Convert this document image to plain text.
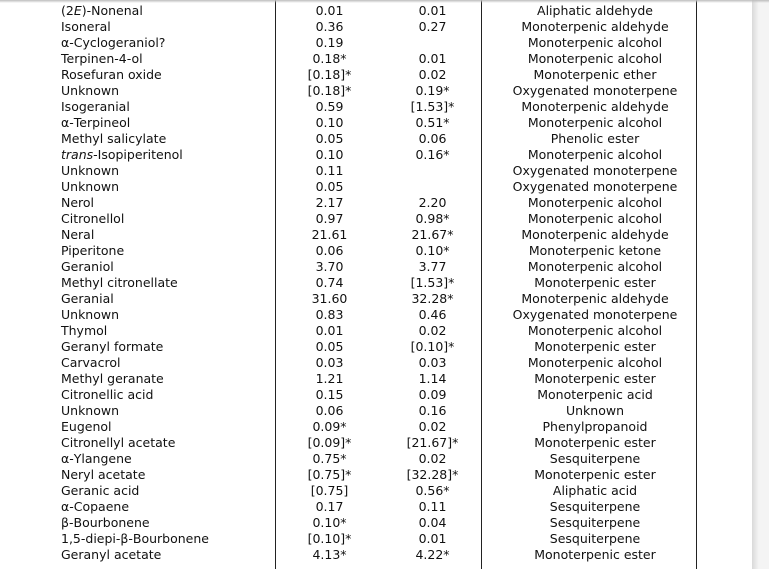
(2E)-Nonenal	0.01	0.01	Aliphatic aldehyde
Isoneral	0.36	0.27	Monoterpenic aldehyde
α-Cyclogeraniol?	0.19		Monoterpenic alcohol
Terpinen-4-ol	0.18*	0.01	Monoterpenic alcohol
Rosefuran oxide	[0.18]*	0.02	Monoterpenic ether
Unknown	[0.18]*	0.19*	Oxygenated monoterpene
Isogeranial	0.59	[1.53]*	Monoterpenic aldehyde
α-Terpineol	0.10	0.51*	Monoterpenic alcohol
Methyl salicylate	0.05	0.06	Phenolic ester
trans-Isopiperitenol	0.10	0.16*	Monoterpenic alcohol
Unknown	0.11		Oxygenated monoterpene
Unknown	0.05		Oxygenated monoterpene
Nerol	2.17	2.20	Monoterpenic alcohol
Citronellol	0.97	0.98*	Monoterpenic alcohol
Neral	21.61	21.67*	Monoterpenic aldehyde
Piperitone	0.06	0.10*	Monoterpenic ketone
Geraniol	3.70	3.77	Monoterpenic alcohol
Methyl citronellate	0.74	[1.53]*	Monoterpenic ester
Geranial	31.60	32.28*	Monoterpenic aldehyde
Unknown	0.83	0.46	Oxygenated monoterpene
Thymol	0.01	0.02	Monoterpenic alcohol
Geranyl formate	0.05	[0.10]*	Monoterpenic ester
Carvacrol	0.03	0.03	Monoterpenic alcohol
Methyl geranate	1.21	1.14	Monoterpenic ester
Citronellic acid	0.15	0.09	Monoterpenic acid
Unknown	0.06	0.16	Unknown
Eugenol	0.09*	0.02	Phenylpropanoid
Citronellyl acetate	[0.09]*	[21.67]*	Monoterpenic ester
α-Ylangene	0.75*	0.02	Sesquiterpene
Neryl acetate	[0.75]*	[32.28]*	Monoterpenic ester
Geranic acid	[0.75]	0.56*	Aliphatic acid
α-Copaene	0.17	0.11	Sesquiterpene
β-Bourbonene	0.10*	0.04	Sesquiterpene
1,5-diepi-β-Bourbonene	[0.10]*	0.01	Sesquiterpene
Geranyl acetate	4.13*	4.22*	Monoterpenic ester
